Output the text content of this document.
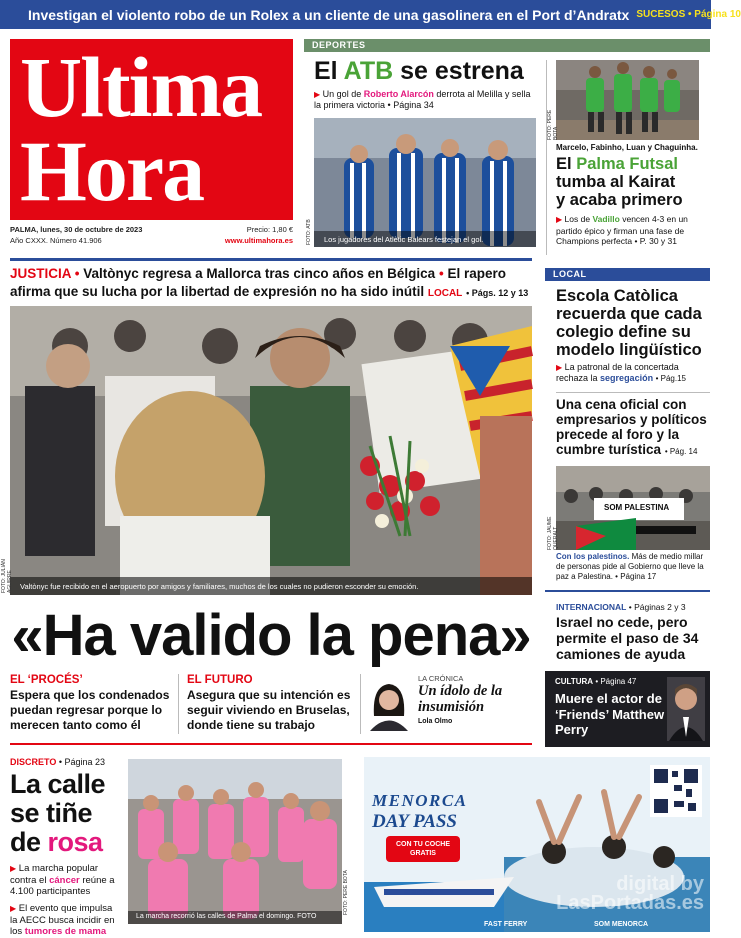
Investigan el violento robo de un Rolex a un cliente de una gasolinera en el Port d’Andratx SUCESOS • Página 10
Ultima
Hora
PALMA, lunes, 30 de octubre de 2023
Año CXXX. Número 41.906
Precio: 1,80 €
www.ultimahora.es
DEPORTES
El ATB se estrena
▶ Un gol de Roberto Alarcón derrota al Melilla y sella la primera victoria • Página 34
Los jugadores del Atlètic Balears festejan el gol.
FOTO: ATB
FOTO: PERE BOTA
Marcelo, Fabinho, Luan y Chaguinha.
El Palma Futsal
tumba al Kairat
y acaba primero
▶ Los de Vadillo vencen 4-3 en un partido épico y firman una fase de Champions perfecta • P. 30 y 31
JUSTICIA • Valtònyc regresa a Mallorca tras cinco años en Bélgica • El rapero afirma que su lucha por la libertad de expresión no ha sido inútil LOCAL • Págs. 12 y 13
Valtònyc fue recibido en el aeropuerto por amigos y familiares, muchos de los cuales no pudieron esconder su emoción.
FOTO: JULIÁN AGUIRRE
«Ha valido la pena»
EL ‘PROCÉS’
Espera que los condenados puedan regresar porque lo merecen tanto como él
EL FUTURO
Asegura que su intención es seguir viviendo en Bruselas, donde tiene su trabajo
LA CRÓNICA
Un ídolo de la insumisión
Lola Olmo
LOCAL
Escola Catòlica recuerda que cada colegio define su modelo lingüístico
▶ La patronal de la concertada rechaza la segregación • Pág.15
Una cena oficial con empresarios y políticos precede al foro y la cumbre turística • Pág. 14
SOM PALESTINA
FOTO: JAUME QUERALT
Con los palestinos. Más de medio millar de personas pide al Gobierno que lleve la paz a Palestina. • Página 17
INTERNACIONAL • Páginas 2 y 3
Israel no cede, pero permite el paso de 34 camiones de ayuda
CULTURA • Página 47
Muere el actor de ‘Friends’ Matthew Perry
DISCRETO • Página 23
La calle
se tiñe
de rosa
▶ La marcha popular contra el cáncer reúne a 4.100 participantes
▶ El evento que impulsa la AECC busca incidir en los tumores de mama
La marcha recorrió las calles de Palma el domingo. FOTO
FOTO: PERE BOTA
MENORCA
DAY PASS
CON TU COCHE
GRATIS
menorca
FAST FERRY	SOM MENORCA
digital by LasPortadas.es
